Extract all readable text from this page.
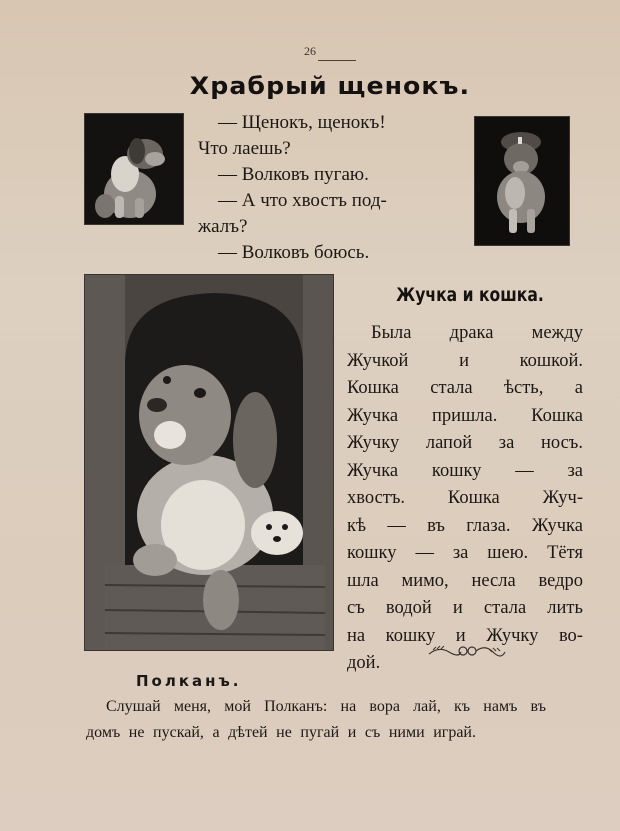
26
Храбрый щенокъ.
— Щенокъ, щенокъ!
Что лаешь?
— Волковъ пугаю.
— А что хвостъ под-
жалъ?
— Волковъ боюсь.
Жучка и кошка.
Была драка между
Жучкой	и	кошкой.
Кошка стала ѣсть, а
Жучка пришла. Кошка
Жучку лапой за носъ.
Жучка кошку — за
хвостъ. Кошка Жуч-
кѣ — въ глаза. Жучка
кошку — за шею. Тётя
шла мимо, несла ведро
съ водой и стала лить
на кошку и Жучку во-
дой.
Полканъ.
Слушай меня, мой Полканъ: на вора лай, къ намъ въ
домъ не пускай, а дѣтей не пугай и съ ними играй.
